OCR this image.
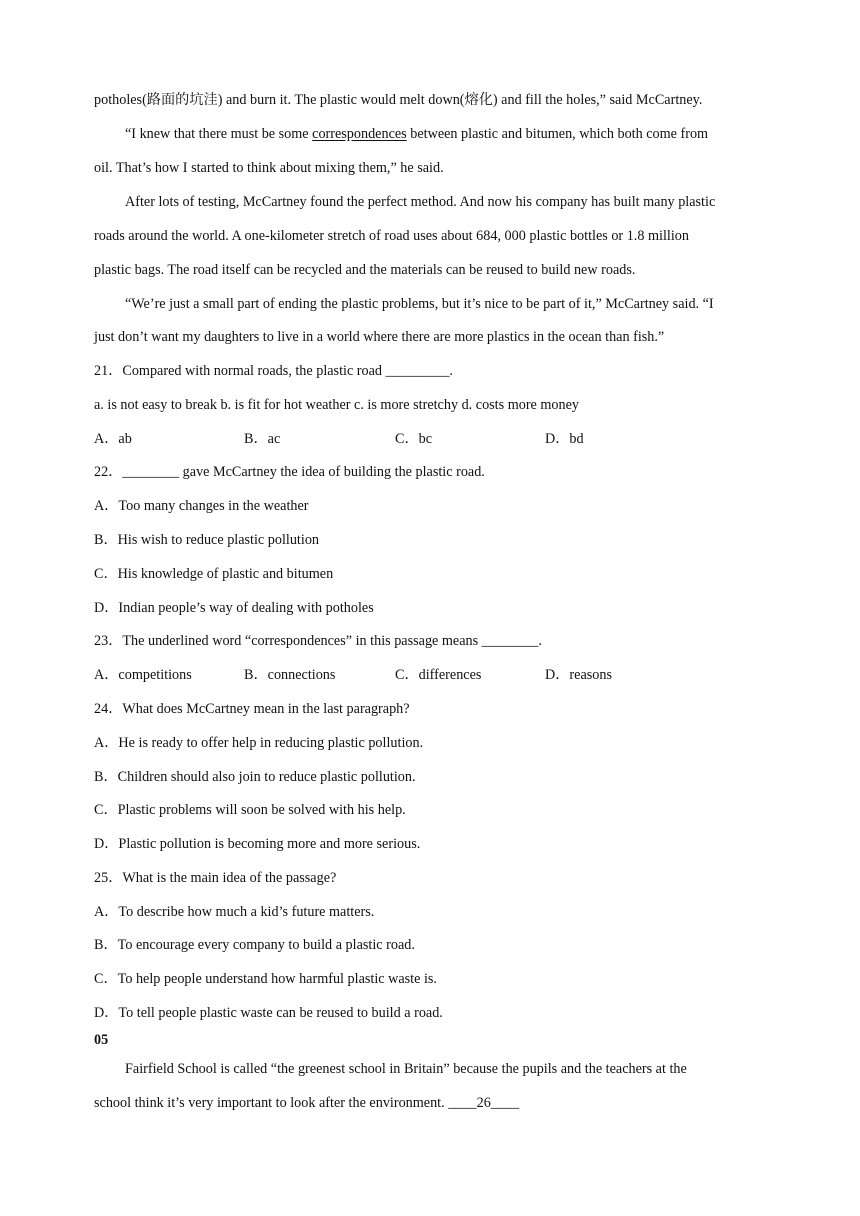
potholes(路面的坑洼) and burn it. The plastic would melt down(熔化) and fill the holes,” said McCartney.
“I knew that there must be some correspondences between plastic and bitumen, which both come from
oil. That’s how I started to think about mixing them,” he said.
After lots of testing, McCartney found the perfect method. And now his company has built many plastic
roads around the world. A one-kilometer stretch of road uses about 684, 000 plastic bottles or 1.8 million
plastic bags. The road itself can be recycled and the materials can be reused to build new roads.
“We’re just a small part of ending the plastic problems, but it’s nice to be part of it,” McCartney said. “I
just don’t want my daughters to live in a world where there are more plastics in the ocean than fish.”
21．Compared with normal roads, the plastic road _________.
a. is not easy to break b. is fit for hot weather c. is more stretchy d. costs more money
A．ab	B．ac	C．bc	D．bd
22．________ gave McCartney the idea of building the plastic road.
A．Too many changes in the weather
B．His wish to reduce plastic pollution
C．His knowledge of plastic and bitumen
D．Indian people’s way of dealing with potholes
23．The underlined word “correspondences” in this passage means ________.
A．competitions	B．connections	C．differences	D．reasons
24．What does McCartney mean in the last paragraph?
A．He is ready to offer help in reducing plastic pollution.
B．Children should also join to reduce plastic pollution.
C．Plastic problems will soon be solved with his help.
D．Plastic pollution is becoming more and more serious.
25．What is the main idea of the passage?
A．To describe how much a kid’s future matters.
B．To encourage every company to build a plastic road.
C．To help people understand how harmful plastic waste is.
D．To tell people plastic waste can be reused to build a road.
05
Fairfield School is called “the greenest school in Britain” because the pupils and the teachers at the
school think it’s very important to look after the environment. ____26____
